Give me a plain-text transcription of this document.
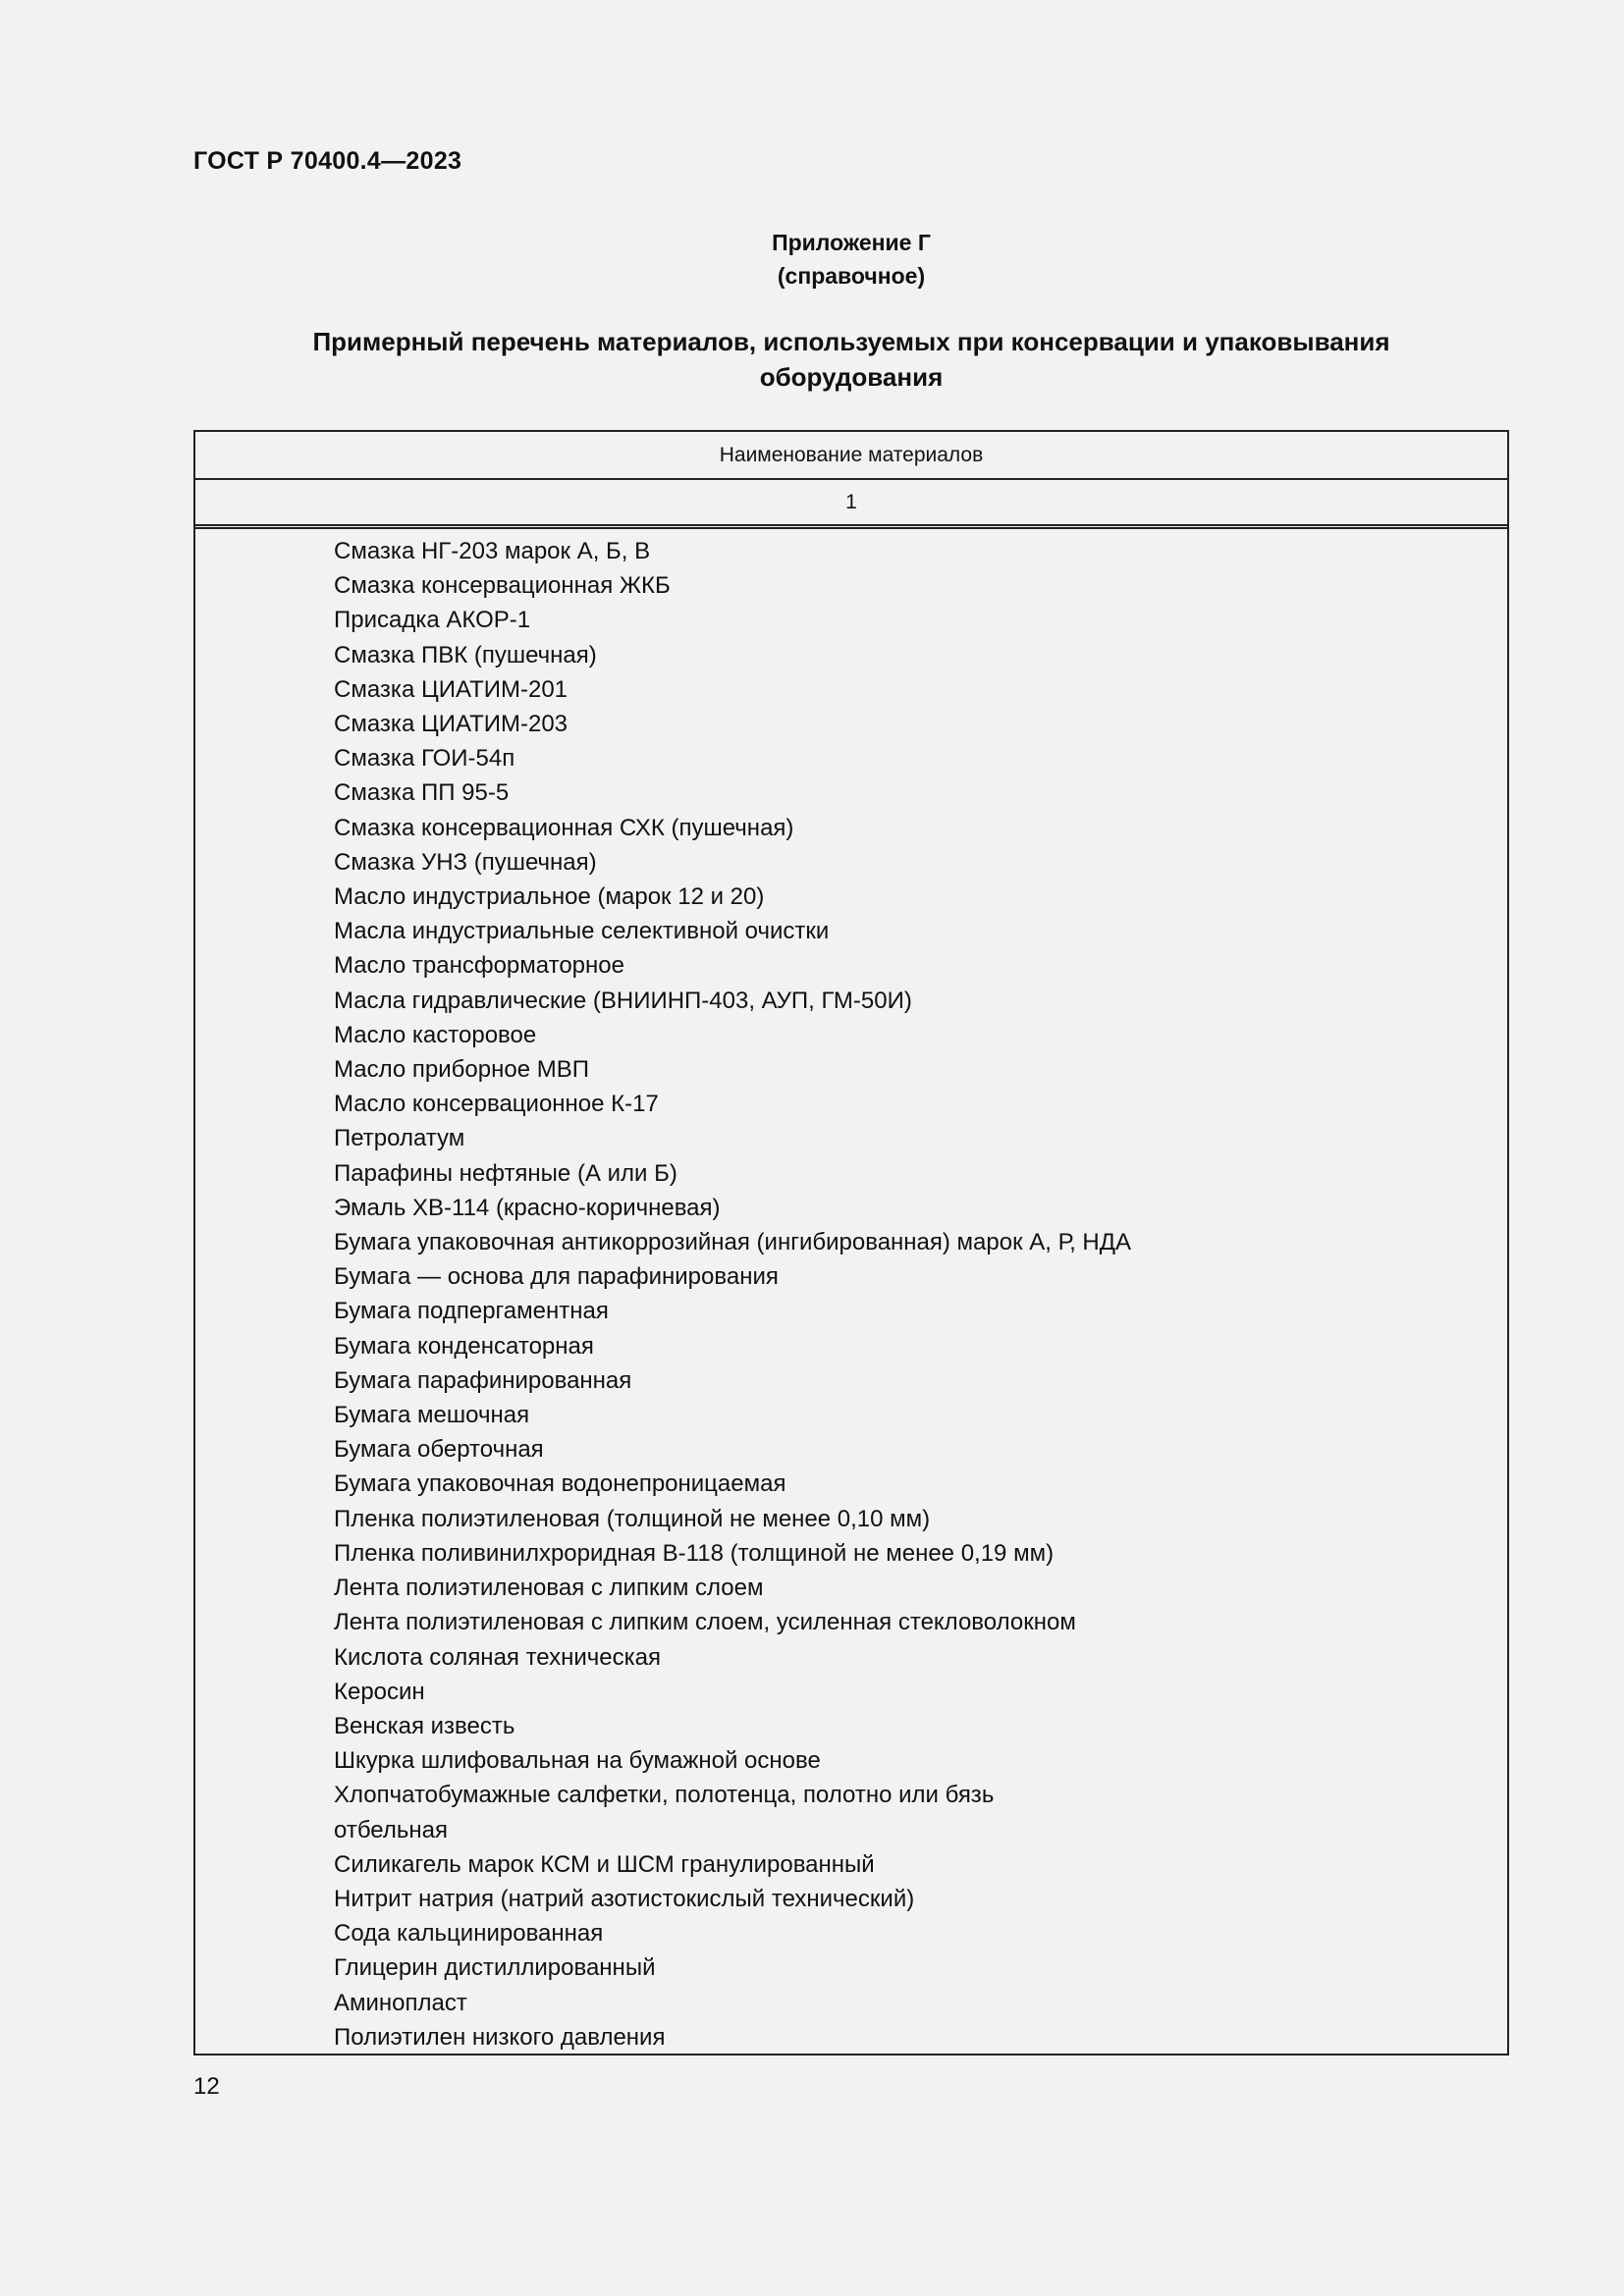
ГОСТ Р 70400.4—2023
Приложение Г
(справочное)
Примерный перечень материалов, используемых при консервации и упаковывания
оборудования
Наименование материалов
1
Смазка НГ-203 марок А, Б, В
Смазка консервационная ЖКБ
Присадка АКОР-1
Смазка ПВК (пушечная)
Смазка ЦИАТИМ-201
Смазка ЦИАТИМ-203
Смазка ГОИ-54п
Смазка ПП 95-5
Смазка консервационная СХК (пушечная)
Смазка УНЗ (пушечная)
Масло индустриальное (марок 12 и 20)
Масла индустриальные селективной очистки
Масло трансформаторное
Масла гидравлические (ВНИИНП-403, АУП, ГМ-50И)
Масло касторовое
Масло приборное МВП
Масло консервационное К-17
Петролатум
Парафины нефтяные (А или Б)
Эмаль ХВ-114 (красно-коричневая)
Бумага упаковочная антикоррозийная (ингибированная) марок А, Р, НДА
Бумага — основа для парафинирования
Бумага подпергаментная
Бумага конденсаторная
Бумага парафинированная
Бумага мешочная
Бумага оберточная
Бумага упаковочная водонепроницаемая
Пленка полиэтиленовая (толщиной не менее 0,10 мм)
Пленка поливинилхроридная В-118 (толщиной не менее 0,19 мм)
Лента полиэтиленовая с липким слоем
Лента полиэтиленовая с липким слоем, усиленная стекловолокном
Кислота соляная техническая
Керосин
Венская известь
Шкурка шлифовальная на бумажной основе
Хлопчатобумажные салфетки, полотенца, полотно или бязь отбельная
Силикагель марок КСМ и ШСМ гранулированный
Нитрит натрия (натрий азотистокислый технический)
Сода кальцинированная
Глицерин дистиллированный
Аминопласт
Полиэтилен низкого давления
12
